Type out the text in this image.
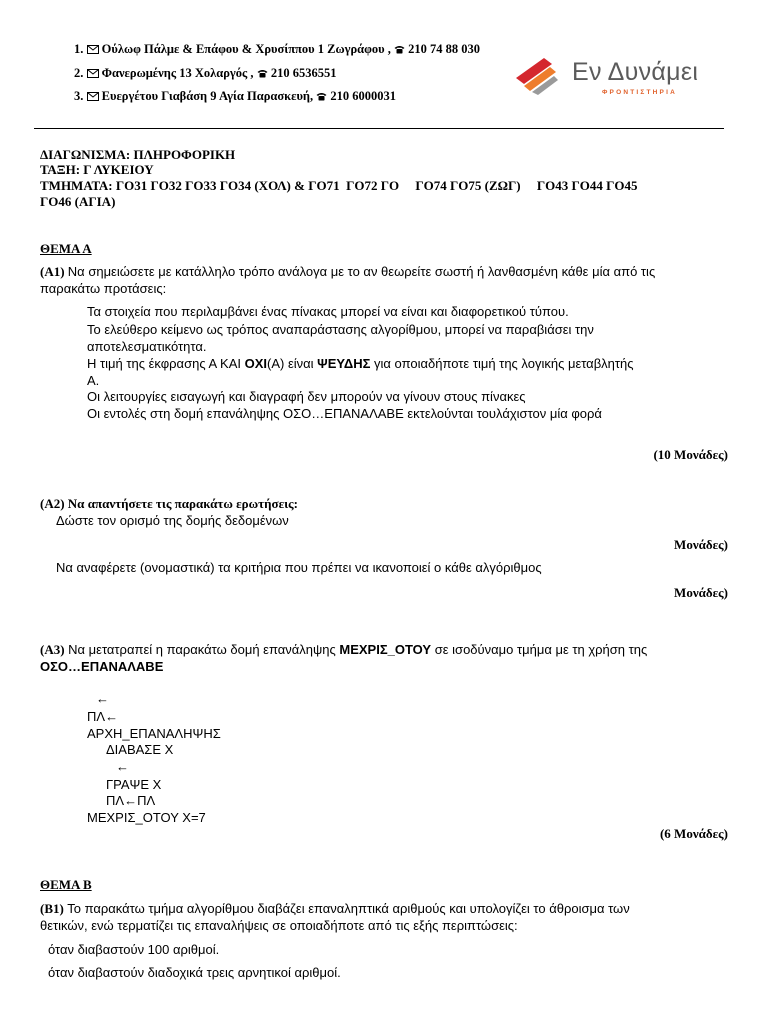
1. Ούλωφ Πάλμε & Επάφου & Χρυσίππου 1 Ζωγράφου , 210 74 88 030
2. Φανερωμένης 13 Χολαργός , 210 6536551
3. Ευεργέτου Γιαβάση 9 Αγία Παρασκευή, 210 6000031
Εν Δυνάμει
ΦΡΟΝΤΙΣΤΗΡΙΑ
ΔΙΑΓΩΝΙΣΜΑ: ΠΛΗΡΟΦΟΡΙΚΗ
ΤΑΞΗ: Γ ΛΥΚΕΙΟΥ
ΤΜΗΜΑΤΑ: ΓΟ31 ΓΟ32 ΓΟ33 ΓΟ34 (ΧΟΛ) & ΓΟ71  ΓΟ72 ΓΟ     ΓΟ74 ΓΟ75 (ΖΩΓ)     ΓΟ43 ΓΟ44 ΓΟ45
ΓΟ46 (ΑΓΙΑ)
ΘΕΜΑ Α
(Α1) Να σημειώσετε με κατάλληλο τρόπο ανάλογα με το αν θεωρείτε σωστή ή λανθασμένη κάθε μία από τις
παρακάτω προτάσεις:
Τα στοιχεία που περιλαμβάνει ένας πίνακας μπορεί να είναι και διαφορετικού τύπου.
Το ελεύθερο κείμενο ως τρόπος αναπαράστασης αλγορίθμου, μπορεί να παραβιάσει την
αποτελεσματικότητα.
Η τιμή της έκφρασης Α ΚΑΙ ΟΧΙ(Α) είναι ΨΕΥΔΗΣ για οποιαδήποτε τιμή της λογικής μεταβλητής
Α.
Οι λειτουργίες εισαγωγή και διαγραφή δεν μπορούν να γίνουν στους πίνακες
Οι εντολές στη δομή επανάληψης ΟΣΟ…ΕΠΑΝΑΛΑΒΕ εκτελούνται τουλάχιστον μία φορά
(10 Μονάδες)
(Α2) Να απαντήσετε τις παρακάτω ερωτήσεις:
Δώστε τον ορισμό της δομής δεδομένων
Μονάδες)
Να αναφέρετε (ονομαστικά) τα κριτήρια που πρέπει να ικανοποιεί ο κάθε αλγόριθμος
Μονάδες)
(Α3) Να μετατραπεί η παρακάτω δομή επανάληψης ΜΕΧΡΙΣ_ΟΤΟΥ σε ισοδύναμο τμήμα με τη χρήση της
ΟΣΟ…ΕΠΑΝΑΛΑΒΕ
←
ΠΛ←
ΑΡΧΗ_ΕΠΑΝΑΛΗΨΗΣ
ΔΙΑΒΑΣΕ Χ
←
ΓΡΑΨΕ Χ
ΠΛ←ΠΛ
ΜΕΧΡΙΣ_ΟΤΟΥ Χ=7
(6 Μονάδες)
ΘΕΜΑ Β
(Β1) Το παρακάτω τμήμα αλγορίθμου διαβάζει επαναληπτικά αριθμούς και υπολογίζει το άθροισμα των
θετικών, ενώ τερματίζει τις επαναλήψεις σε οποιαδήποτε από τις εξής περιπτώσεις:
όταν διαβαστούν 100 αριθμοί.
όταν διαβαστούν διαδοχικά τρεις αρνητικοί αριθμοί.
